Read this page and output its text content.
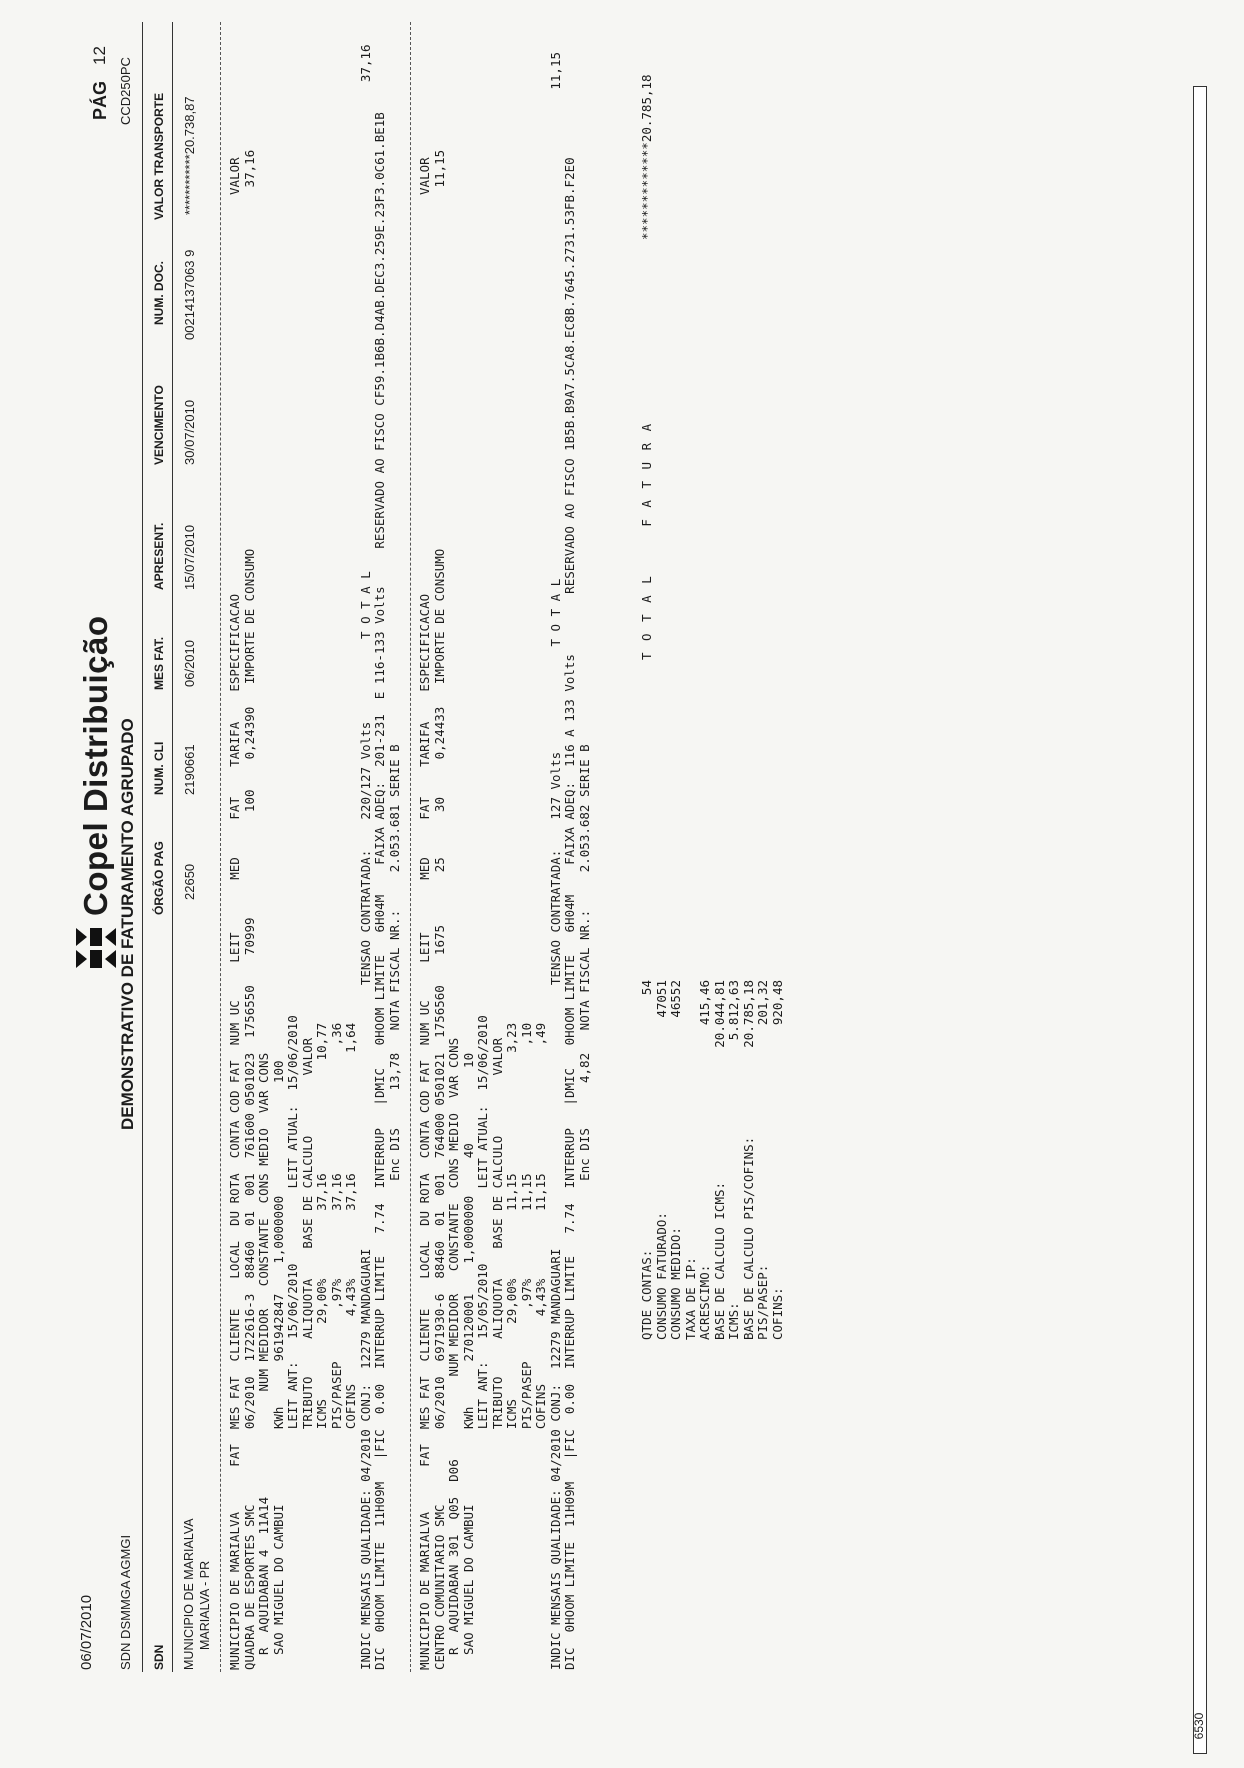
6530
06/07/2010
Copel Distribuição
PÁG
12
SDN DSMMGA AGMGI
DEMONSTRATIVO DE FATURAMENTO AGRUPADO
CCD250PC
SDN
ÓRGÃO PAG
NUM. CLI
MES FAT.
APRESENT.
VENCIMENTO
NUM. DOC.
VALOR TRANSPORTE
MUNICIPIO DE MARIALVA MARIALVA - PR
22650
2190661
06/2010
15/07/2010
30/07/2010
00214137063 9
************20.738,87
MUNICIPIO DE MARIALVA      FAT  MES FAT  CLIENTE    LOCAL  DU ROTA  CONTA COD FAT  NUM UC     LEIT       MED     FAT    TARIFA    ESPECIFICACAO                                                     VALOR
QUADRA DE ESPORTES SMC          06/2010  1722616-3  88460  01  001  761600 0501023  1756550    70999              100    0,24390   IMPORTE DE CONSUMO                                                37,16
R  AQUIDABAN 4  11A14              NUM MEDIDOR   CONSTANTE  CONS MEDIO  VAR CONS
SAO MIGUEL DO CAMBUI          KWh      961942847    1,0000000               100
LEIT ANT:   15/06/2010          LEIT ATUAL:  15/06/2010
TRIBUTO     ALIQUOTA    BASE DE CALCULO        VALOR
ICMS          29,00%         37,16               10,77
PIS/PASEP       ,97%         37,16                 ,36
COFINS         4,43%         37,16                1,64
INDIC MENSAIS QUALIDADE: 04/2010 CONJ:  12279 MANDAGUARI                                   TENSAO CONTRATADA:    220/127 Volts           T O T A L                                                                 37,16
DIC  0HOOM LIMITE  11H09M   |FIC  0.00  INTERRUP LIMITE   7.74  INTERRUP   |DMIC   0HOOM LIMITE   6H04M    FAIXA ADEQ:  201-231  E 116-133 Volts     RESERVADO AO FISCO CF59.1B6B.D4AB.DEC3.259E.23F3.0C61.BE1B
Enc DIS     13,78   NOTA FISCAL NR.:     2.053.681 SERIE B
MUNICIPIO DE MARIALVA      FAT  MES FAT  CLIENTE    LOCAL  DU ROTA  CONTA COD FAT  NUM UC     LEIT       MED     FAT    TARIFA    ESPECIFICACAO                                                     VALOR
CENTRO COMUNITARIO SMC          06/2010  6971930-6  88460  01  001  764000 0501021  1756560    1675       25      30     0,24433   IMPORTE DE CONSUMO                                                11,15
R  AQUIDABAN 301  Q05  D06           NUM MEDIDOR   CONSTANTE  CONS MEDIO  VAR CONS
SAO MIGUEL DO CAMBUI          KWh      270120001    1,0000000     40          10
LEIT ANT:   15/05/2010          LEIT ATUAL:  15/06/2010
TRIBUTO     ALIQUOTA    BASE DE CALCULO        VALOR
ICMS          29,00%         11,15                3,23
PIS/PASEP       ,97%         11,15                 ,10
COFINS         4,43%         11,15                 ,49
INDIC MENSAIS QUALIDADE: 04/2010 CONJ:  12279 MANDAGUARI                                   TENSAO CONTRATADA:    127 Volts              T O T A L                                                                 11,15
DIC  0HOOM LIMITE  11H09M   |FIC  0.00  INTERRUP LIMITE   7.74  INTERRUP   |DMIC   0HOOM LIMITE   6H04M    FAIXA ADEQ:  116 A 133 Volts        RESERVADO AO FISCO 1B5B.B9A7.5CA8.EC8B.7645.2731.53FB.F2E0
Enc DIS      4,82   NOTA FISCAL NR.:     2.053.682 SERIE B
QTDE CONTAS:
CONSUMO FATURADO:
CONSUMO MEDIDO:
TAXA DE IP:
ACRESCIMO:
BASE DE CALCULO ICMS:
ICMS:
BASE DE CALCULO PIS/COFINS:
PIS/PASEP:
COFINS:
54
47051
46552

415,46
20.044,81
5.812,63
20.785,18
201,32
920,48
T O T A L     F A T U R A
*************20.785,18
